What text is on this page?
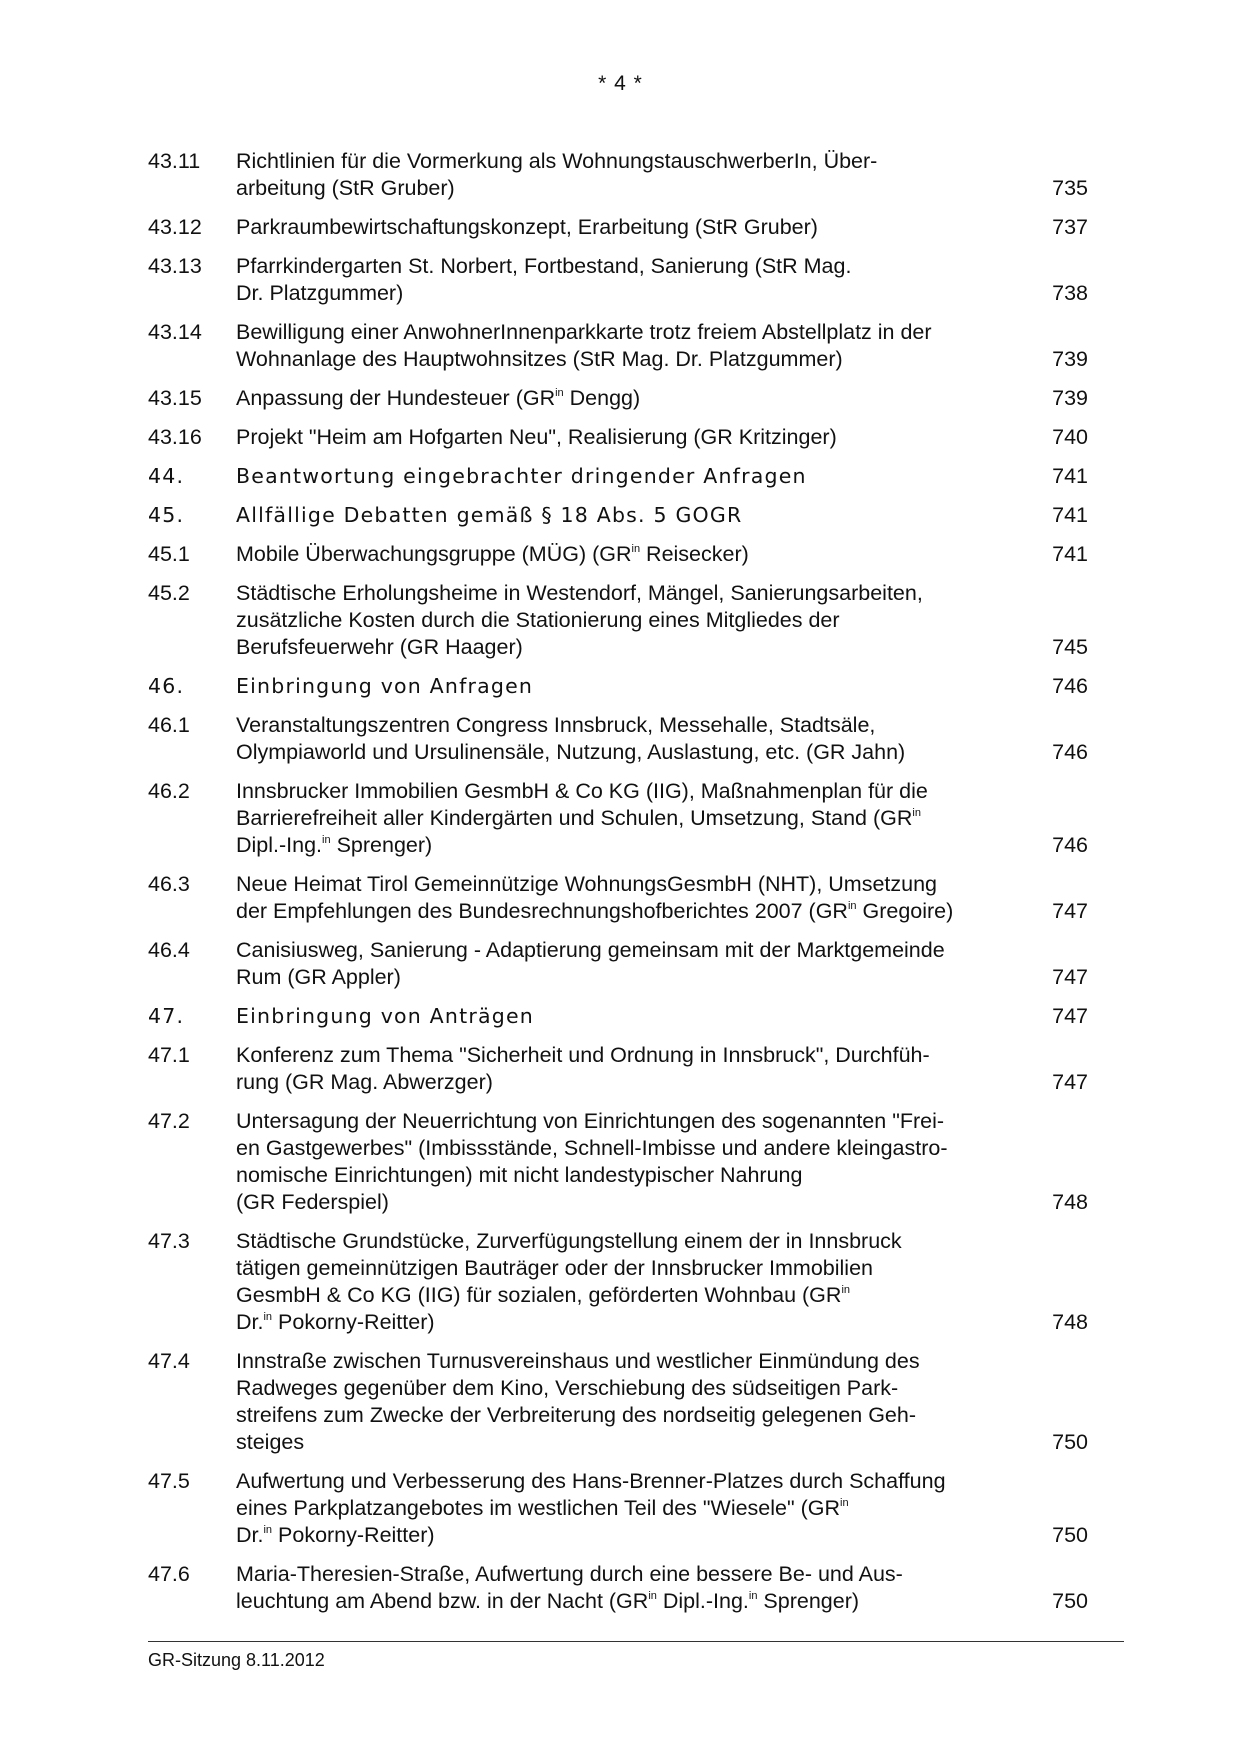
* 4 *
43.11	Richtlinien für die Vormerkung als WohnungstauschwerberIn, Über-
arbeitung (StR Gruber)	735
43.12	Parkraumbewirtschaftungskonzept, Erarbeitung (StR Gruber)	737
43.13	Pfarrkindergarten St. Norbert, Fortbestand, Sanierung (StR Mag.
Dr. Platzgummer)	738
43.14	Bewilligung einer AnwohnerInnenparkkarte trotz freiem Abstellplatz in der
Wohnanlage des Hauptwohnsitzes (StR Mag. Dr. Platzgummer)	739
43.15	Anpassung der Hundesteuer ($GR^{in}$ Dengg)	739
43.16	Projekt "Heim am Hofgarten Neu", Realisierung (GR Kritzinger)	740
44.	Beantwortung eingebrachter dringender Anfragen	741
45.	Allfällige Debatten gemäß § 18 Abs. 5 GOGR	741
45.1	Mobile Überwachungsgruppe (MÜG) ($GR^{in}$ Reisecker)	741
45.2	Städtische Erholungsheime in Westendorf, Mängel, Sanierungsarbeiten,
zusätzliche Kosten durch die Stationierung eines Mitgliedes der
Berufsfeuerwehr (GR Haager)	745
46.	Einbringung von Anfragen	746
46.1	Veranstaltungszentren Congress Innsbruck, Messehalle, Stadtsäle,
Olympiaworld und Ursulinensäle, Nutzung, Auslastung, etc. (GR Jahn)	746
46.2	Innsbrucker Immobilien GesmbH & Co KG (IIG), Maßnahmenplan für die
Barrierefreiheit aller Kindergärten und Schulen, Umsetzung, Stand ($GR^{in}$
Dipl.-Ing.$^{in}$ Sprenger)	746
46.3	Neue Heimat Tirol Gemeinnützige WohnungsGesmbH (NHT), Umsetzung
der Empfehlungen des Bundesrechnungshofberichtes 2007 ($GR^{in}$ Gregoire)	747
46.4	Canisiusweg, Sanierung - Adaptierung gemeinsam mit der Marktgemeinde
Rum (GR Appler)	747
47.	Einbringung von Anträgen	747
47.1	Konferenz zum Thema "Sicherheit und Ordnung in Innsbruck", Durchfüh-
rung (GR Mag. Abwerzger)	747
47.2	Untersagung der Neuerrichtung von Einrichtungen des sogenannten "Frei-
en Gastgewerbes" (Imbissstände, Schnell-Imbisse und andere kleingastro-
nomische Einrichtungen) mit nicht landestypischer Nahrung
(GR Federspiel)	748
47.3	Städtische Grundstücke, Zurverfügungstellung einem der in Innsbruck
tätigen gemeinnützigen Bauträger oder der Innsbrucker Immobilien
GesmbH & Co KG (IIG) für sozialen, geförderten Wohnbau ($GR^{in}$
Dr.$^{in}$ Pokorny-Reitter)	748
47.4	Innstraße zwischen Turnusvereinshaus und westlicher Einmündung des
Radweges gegenüber dem Kino, Verschiebung des südseitigen Park-
streifens zum Zwecke der Verbreiterung des nordseitig gelegenen Geh-
steiges	750
47.5	Aufwertung und Verbesserung des Hans-Brenner-Platzes durch Schaffung
eines Parkplatzangebotes im westlichen Teil des "Wiesele" ($GR^{in}$
Dr.$^{in}$ Pokorny-Reitter)	750
47.6	Maria-Theresien-Straße, Aufwertung durch eine bessere Be- und Aus-
leuchtung am Abend bzw. in der Nacht ($GR^{in}$ Dipl.-Ing.$^{in}$ Sprenger)	750
GR-Sitzung 8.11.2012
